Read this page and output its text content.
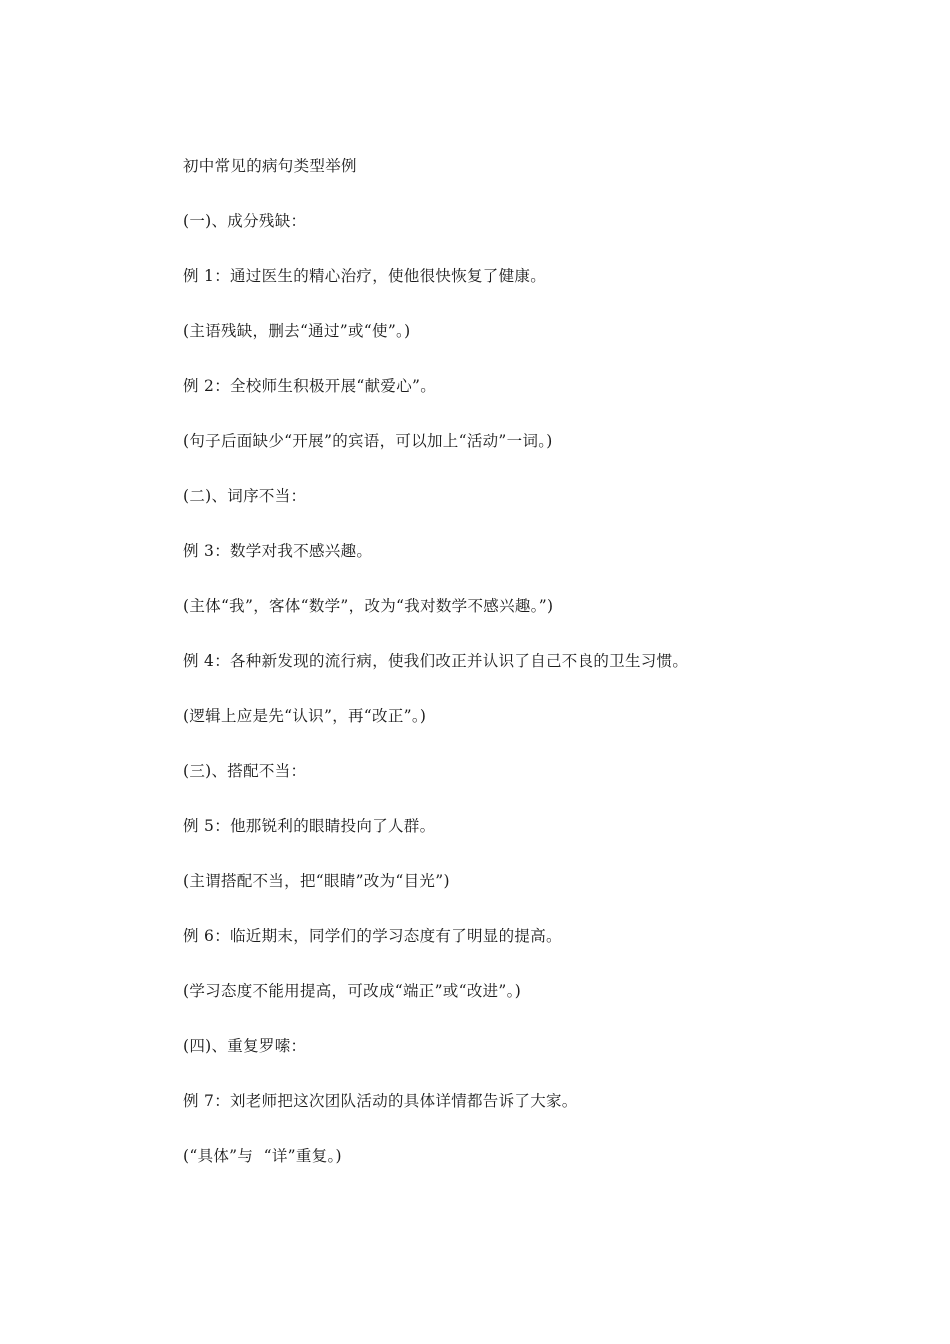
初中常见的病句类型举例
(一)、成分残缺：
例 1：通过医生的精心治疗，使他很快恢复了健康。
(主语残缺，删去“通过”或“使”。)
例 2：全校师生积极开展“献爱心”。
(句子后面缺少“开展”的宾语，可以加上“活动”一词。)
(二)、词序不当：
例 3：数学对我不感兴趣。
(主体“我”，客体“数学”，改为“我对数学不感兴趣。”)
例 4：各种新发现的流行病，使我们改正并认识了自己不良的卫生习惯。
(逻辑上应是先“认识”，再“改正”。)
(三)、搭配不当：
例 5：他那锐利的眼睛投向了人群。
(主谓搭配不当，把“眼睛”改为“目光”)
例 6：临近期末，同学们的学习态度有了明显的提高。
(学习态度不能用提高，可改成“端正”或“改进”。)
(四)、重复罗嗦：
例 7：刘老师把这次团队活动的具体详情都告诉了大家。
(“具体”与  “详”重复。)
